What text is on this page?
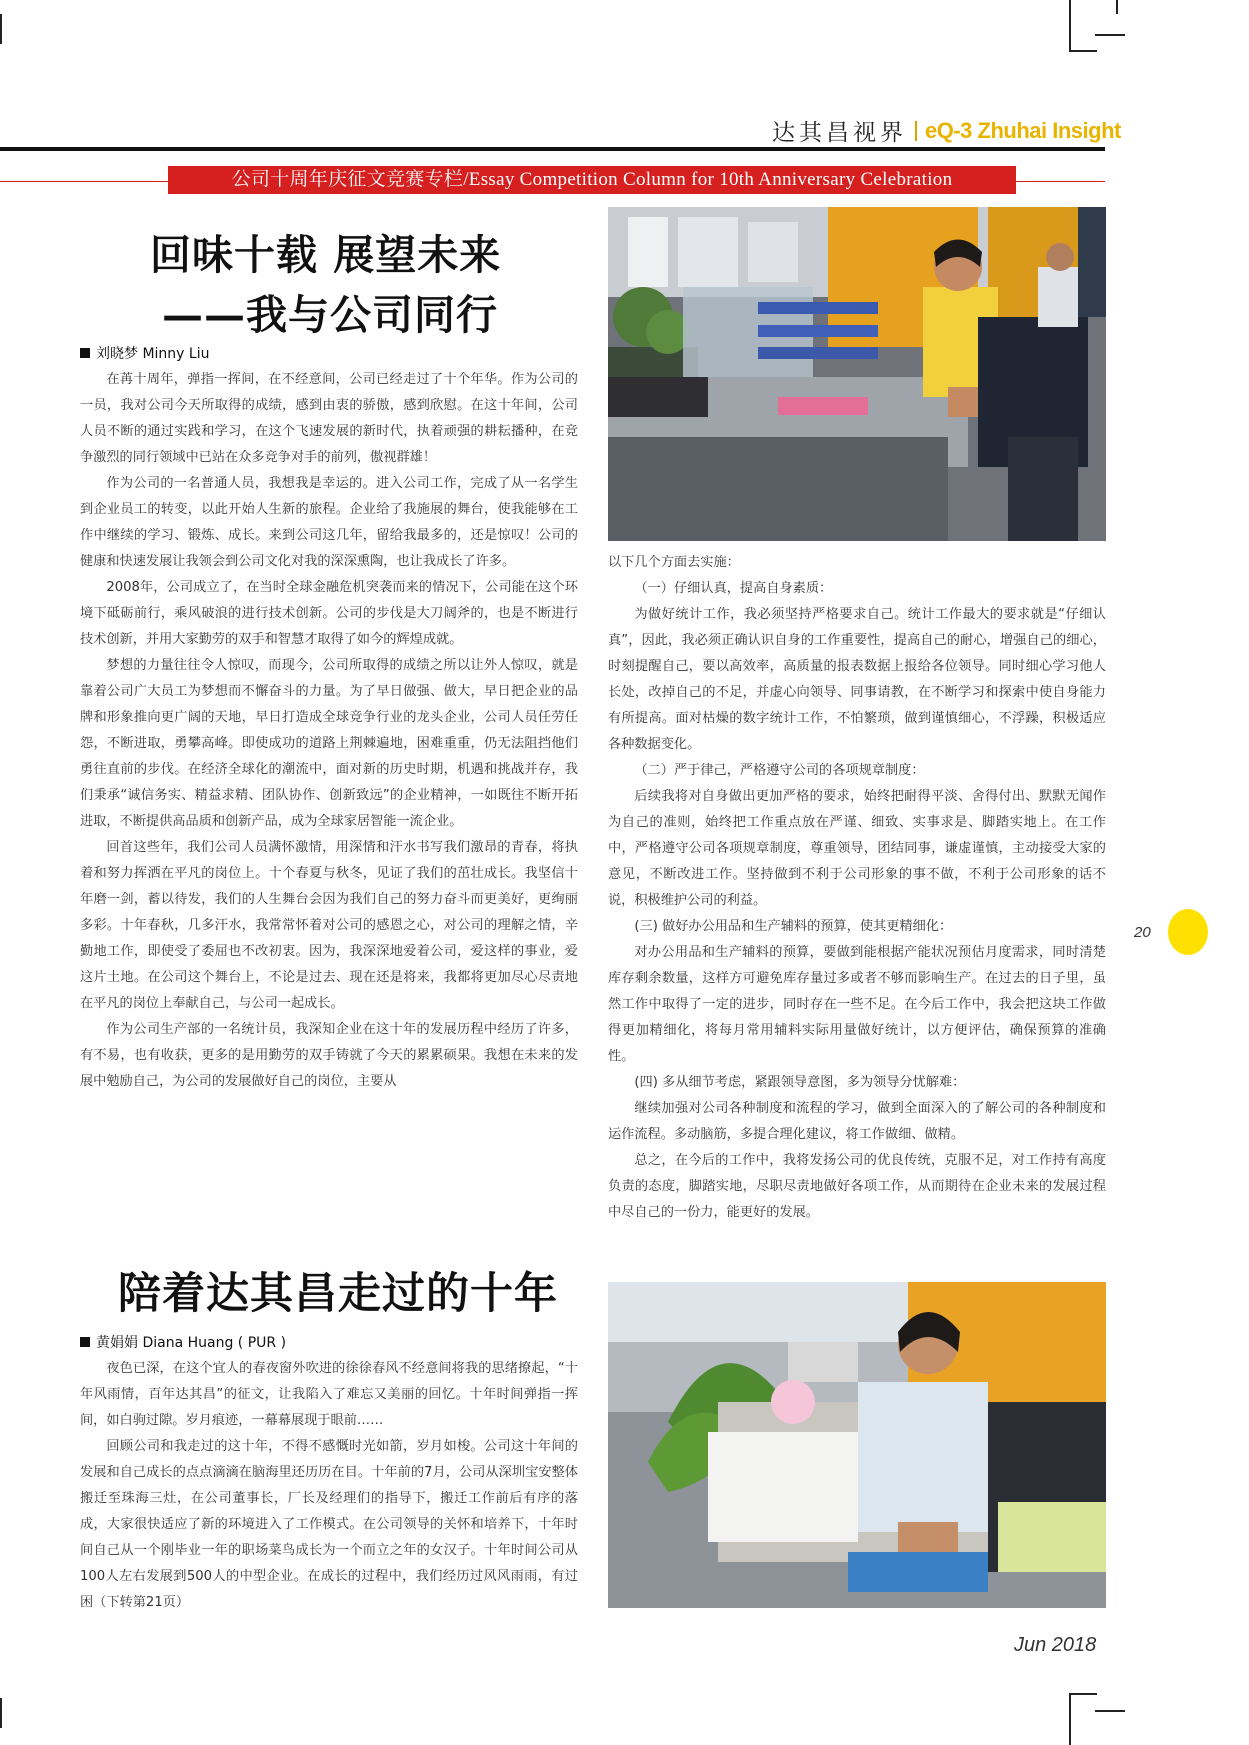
达其昌视界 eQ-3 Zhuhai Insight
公司十周年庆征文竞赛专栏/Essay Competition Column for 10th Anniversary Celebration
回味十载 展望未来
——我与公司同行
刘晓梦 Minny Liu

在苒十周年，弹指一挥间，在不经意间，公司已经走过了十个年华。作为公司的一员，我对公司今天所取得的成绩，感到由衷的骄傲，感到欣慰。在这十年间，公司人员不断的通过实践和学习，在这个飞速发展的新时代，执着顽强的耕耘播种，在竞争激烈的同行领域中已站在众多竞争对手的前列，傲视群雄！

作为公司的一名普通人员，我想我是幸运的。进入公司工作，完成了从一名学生到企业员工的转变，以此开始人生新的旅程。企业给了我施展的舞台，使我能够在工作中继续的学习、锻炼、成长。来到公司这几年，留给我最多的，还是惊叹！公司的健康和快速发展让我领会到公司文化对我的深深熏陶，也让我成长了许多。

2008年，公司成立了，在当时全球金融危机突袭而来的情况下，公司能在这个环境下砥砺前行，乘风破浪的进行技术创新。公司的步伐是大刀阔斧的，也是不断进行技术创新，并用大家勤劳的双手和智慧才取得了如今的辉煌成就。

梦想的力量往往令人惊叹，而现今，公司所取得的成绩之所以让外人惊叹，就是靠着公司广大员工为梦想而不懈奋斗的力量。为了早日做强、做大，早日把企业的品牌和形象推向更广阔的天地，早日打造成全球竞争行业的龙头企业，公司人员任劳任怨，不断进取，勇攀高峰。即使成功的道路上荆棘遍地，困难重重，仍无法阻挡他们勇往直前的步伐。在经济全球化的潮流中，面对新的历史时期，机遇和挑战并存，我们秉承“诚信务实、精益求精、团队协作、创新致远”的企业精神，一如既往不断开拓进取，不断提供高品质和创新产品，成为全球家居智能一流企业。

回首这些年，我们公司人员满怀激情，用深情和汗水书写我们激昂的青春，将执着和努力挥洒在平凡的岗位上。十个春夏与秋冬，见证了我们的茁壮成长。我坚信十年磨一剑，蓄以待发，我们的人生舞台会因为我们自己的努力奋斗而更美好，更绚丽多彩。十年春秋，几多汗水，我常常怀着对公司的感恩之心，对公司的理解之情，辛勤地工作，即使受了委屈也不改初衷。因为，我深深地爱着公司，爱这样的事业，爱这片土地。在公司这个舞台上，不论是过去、现在还是将来，我都将更加尽心尽责地在平凡的岗位上奉献自己，与公司一起成长。

作为公司生产部的一名统计员，我深知企业在这十年的发展历程中经历了许多，有不易，也有收获，更多的是用勤劳的双手铸就了今天的累累硕果。我想在未来的发展中勉励自己，为公司的发展做好自己的岗位，主要从

以下几个方面去实施：

（一）仔细认真，提高自身素质：

为做好统计工作，我必须坚持严格要求自己。统计工作最大的要求就是“仔细认真”，因此，我必须正确认识自身的工作重要性，提高自己的耐心，增强自己的细心，时刻提醒自己，要以高效率，高质量的报表数据上报给各位领导。同时细心学习他人长处，改掉自己的不足，并虚心向领导、同事请教，在不断学习和探索中使自身能力有所提高。面对枯燥的数字统计工作，不怕繁琐，做到谨慎细心，不浮躁，积极适应各种数据变化。

（二）严于律己，严格遵守公司的各项规章制度：

后续我将对自身做出更加严格的要求，始终把耐得平淡、舍得付出、默默无闻作为自己的准则，始终把工作重点放在严谨、细致、实事求是、脚踏实地上。在工作中，严格遵守公司各项规章制度，尊重领导，团结同事，谦虚谨慎，主动接受大家的意见，不断改进工作。坚持做到不利于公司形象的事不做，不利于公司形象的话不说，积极维护公司的利益。

(三) 做好办公用品和生产辅料的预算，使其更精细化：

对办公用品和生产辅料的预算，要做到能根据产能状况预估月度需求，同时清楚库存剩余数量，这样方可避免库存量过多或者不够而影响生产。在过去的日子里，虽然工作中取得了一定的进步，同时存在一些不足。在今后工作中，我会把这块工作做得更加精细化，将每月常用辅料实际用量做好统计，以方便评估，确保预算的准确性。

(四) 多从细节考虑，紧跟领导意图，多为领导分忧解难：

继续加强对公司各种制度和流程的学习，做到全面深入的了解公司的各种制度和运作流程。多动脑筋，多提合理化建议，将工作做细、做精。

总之，在今后的工作中，我将发扬公司的优良传统，克服不足，对工作持有高度负责的态度，脚踏实地，尽职尽责地做好各项工作，从而期待在企业未来的发展过程中尽自己的一份力，能更好的发展。

20
陪着达其昌走过的十年
黄娟娟 Diana Huang ( PUR )

夜色已深，在这个宜人的春夜窗外吹进的徐徐春风不经意间将我的思绪撩起，“十年风雨情，百年达其昌”的征文，让我陷入了难忘又美丽的回忆。十年时间弹指一挥间，如白驹过隙。岁月痕迹，一幕幕展现于眼前……

回顾公司和我走过的这十年，不得不感慨时光如箭，岁月如梭。公司这十年间的发展和自己成长的点点滴滴在脑海里还历历在目。十年前的7月，公司从深圳宝安整体搬迁至珠海三灶，在公司董事长，厂长及经理们的指导下，搬迁工作前后有序的落成，大家很快适应了新的环境进入了工作模式。在公司领导的关怀和培养下，十年时间自己从一个刚毕业一年的职场菜鸟成长为一个而立之年的女汉子。十年时间公司从100人左右发展到500人的中型企业。在成长的过程中，我们经历过风风雨雨，有过困（下转第21页）

Jun 2018
